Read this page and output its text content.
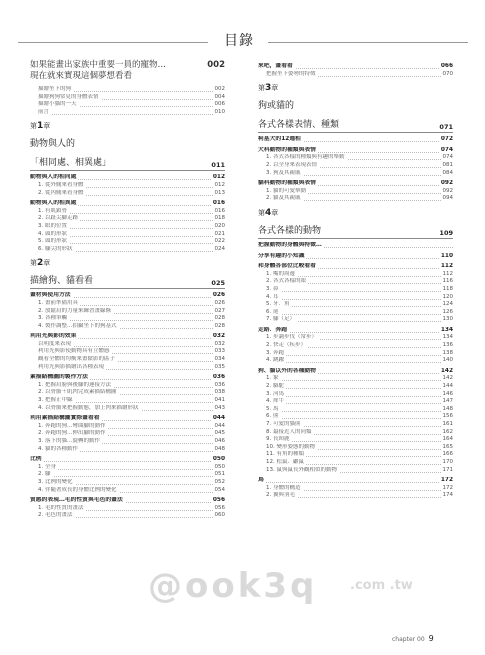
目錄
002
如果能畫出家族中重要一員的寵物…
現在就來實現這個夢想看看
描繪坐下的狗	002
描繪狗狗常見的身體表情	004
描繪小貓的一天	006
前言	010
第1章
動物與人的
「相同處、相異處」	011
動物與人的相同處	012
1. 從外側來看身體	012
2. 從內側來看身體	013
動物與人的相異處	016
1. 有肌鎖骨	016
2. 以趾尖腳走路	018
3. 眼的位置	020
4. 頭的形狀	021
5. 頭的形狀	022
6. 腳尖的形狀	024
第2章
描繪狗、貓看看	025
畫材與使用方法	026
1. 畫前準備用具	026
2. 放鬆肩的力量來練習畫線條	027
3. 各種筆觸	028
4. 製作調整…拍攝坐下的狗基式	028
利用光與影的效果	032
以明度來表現	032
利用光與影使動物具有立體感	033
觀看全體的均衡來畫陰影的區子	034
利用光與影描繪出各種表現	035
素描結構圖的製作方法	036
1. 把握肩膀與後腳的連接方法	036
2. 以骨骼＋肌肉完成素描結構圖	038
3. 把握正中線	041
4. 以骨骼來把握動態，加上肉來描繪形狀	043
利用素描結構圖實際畫看看	044
1. 奔跑的狗…彎曲腳的動作	044
2. 奔跑的狗…伸出腳的動作	045
3. 落下的貓…旋轉的動作	046
4. 貓的各種動作	048
比例	050
1. 全身	050
2. 腳	051
3. 比例的變化	052
4. 伴隨著成長的身體比例的變化	054
質感的表現…毛的性質與毛色的畫法	056
1. 毛的性質的畫法	056
2. 毛色的畫法	060
來吧，畫看看	066
把握坐下姿勢的特徵	070
第3章
狗或貓的
各式各樣表情、種類	071
柯基犬的12週相	072
犬科動物的種類與表情	074
1. 各式各樣的種類與有趣的舉動	074
2. 以全身來表現表情	081
3. 狗及其親戚	084
貓科動物的種類與表情	092
1. 貓的可愛舉動	092
2. 貓及其親戚	094
第4章
各式各樣的動物	109
把握動物的身體與特徵…
分享有趣的小知識	110
和身體各部位比較看看	112
1. 嘴的周邊	112
2. 各式各樣的眼	116
3. 鼻	118
4. 耳	120
5. 牙．角	124
6. 尾	126
7. 腳（足）	130
走路．奔跑	134
1. 步調步伐（常步）	134
2. 快走（疾步）	136
3. 奔跑	138
4. 跳躍	140
狗、貓以外的各種動物	142
1. 象	142
2. 駱駝	144
3. 河馬	146
4. 犀牛	147
5. 馬	148
6. 熊	156
7. 可愛的貓熊	161
8. 最接近人的同類	162
9. 長頸鹿	164
10. 變形姿態的動物	165
11. 有角的種類	166
12. 松鼠．鼴鼠	170
13. 鼠與鼠長外觀相似的動物	171
鳥	172
1. 身體的構造	172
2. 翼與羽毛	174
@ook3q	.com .tw
chapter 00 9
